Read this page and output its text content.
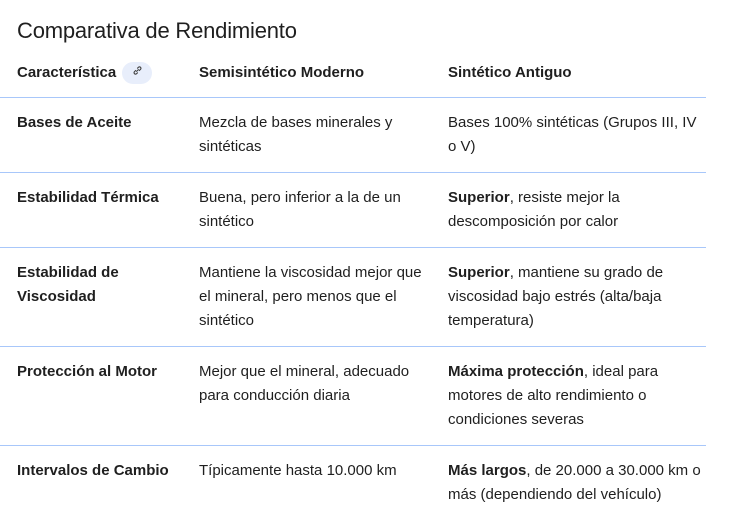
Comparativa de Rendimiento
Característica	Semisintético Moderno	Sintético Antiguo
Bases de Aceite	Mezcla de bases minerales y sintéticas	Bases 100% sintéticas (Grupos III, IV o V)
Estabilidad Térmica	Buena, pero inferior a la de un sintético	Superior, resiste mejor la descomposición por calor
Estabilidad de Viscosidad	Mantiene la viscosidad mejor que el mineral, pero menos que el sintético	Superior, mantiene su grado de viscosidad bajo estrés (alta/baja temperatura)
Protección al Motor	Mejor que el mineral, adecuado para conducción diaria	Máxima protección, ideal para motores de alto rendimiento o condiciones severas
Intervalos de Cambio	Típicamente hasta 10.000 km	Más largos, de 20.000 a 30.000 km o más (dependiendo del vehículo)
